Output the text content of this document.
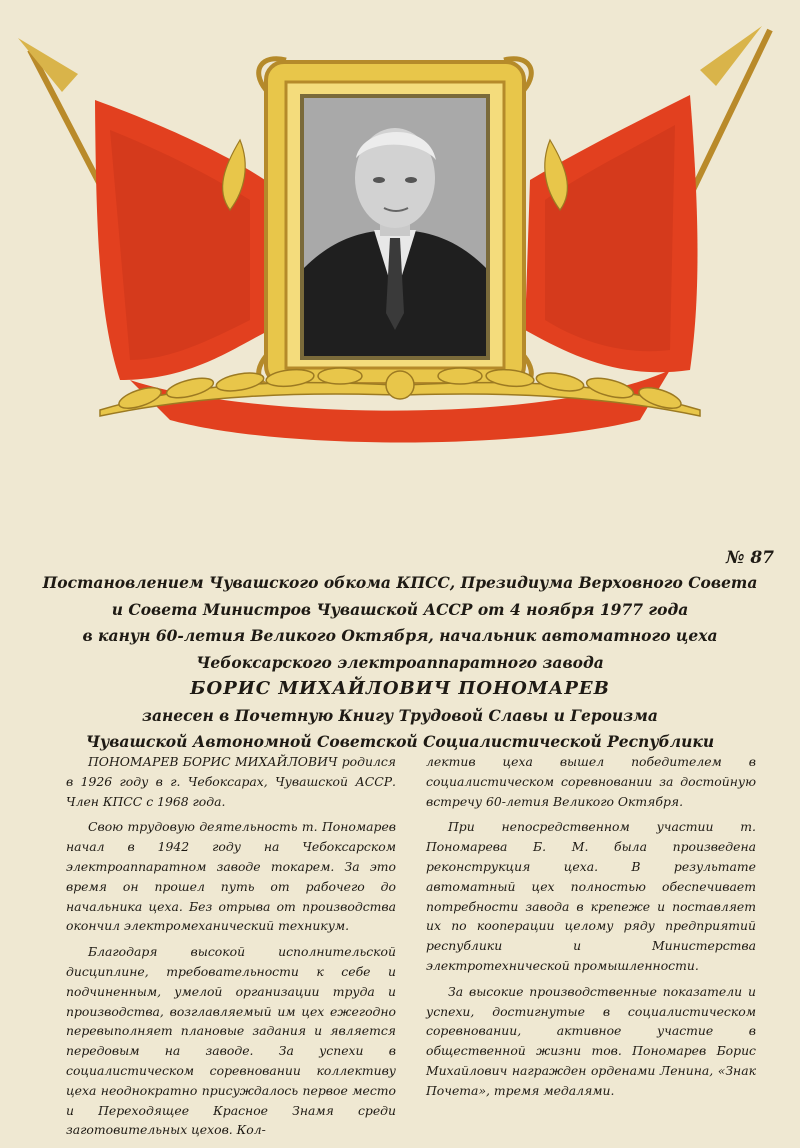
№ 87
Постановлением Чувашского обкома КПСС, Президиума Верховного Совета
и Совета Министров Чувашской АССР от 4 ноября 1977 года
в канун 60-летия Великого Октября, начальник автоматного цеха
Чебоксарского электроаппаратного завода
БОРИС МИХАЙЛОВИЧ ПОНОМАРЕВ
занесен в Почетную Книгу Трудовой Славы и Героизма
Чувашской Автономной Советской Социалистической Республики

ПОНОМАРЕВ БОРИС МИХАЙЛОВИЧ родился в 1926 году в г. Чебоксарах, Чувашской АССР. Член КПСС с 1968 года.

Свою трудовую деятельность т. Пономарев начал в 1942 году на Чебоксарском электроаппаратном заводе токарем. За это время он прошел путь от рабочего до начальника цеха. Без отрыва от производства окончил электромеханический техникум.

Благодаря высокой исполнительской дисциплине, требовательности к себе и подчиненным, умелой организации труда и производства, возглавляемый им цех ежегодно перевыполняет плановые задания и является передовым на заводе. За успехи в социалистическом соревновании коллективу цеха неоднократно присуждалось первое место и Переходящее Красное Знамя среди заготовительных цехов. Кол-

лектив цеха вышел победителем в социалистическом соревновании за достойную встречу 60-летия Великого Октября.

При непосредственном участии т. Пономарева Б. М. была произведена реконструкция цеха. В результате автоматный цех полностью обеспечивает потребности завода в крепеже и поставляет их по кооперации целому ряду предприятий республики и Министерства электротехнической промышленности.

За высокие производственные показатели и успехи, достигнутые в социалистическом соревновании, активное участие в общественной жизни тов. Пономарев Борис Михайлович награжден орденами Ленина, «Знак Почета», тремя медалями.
